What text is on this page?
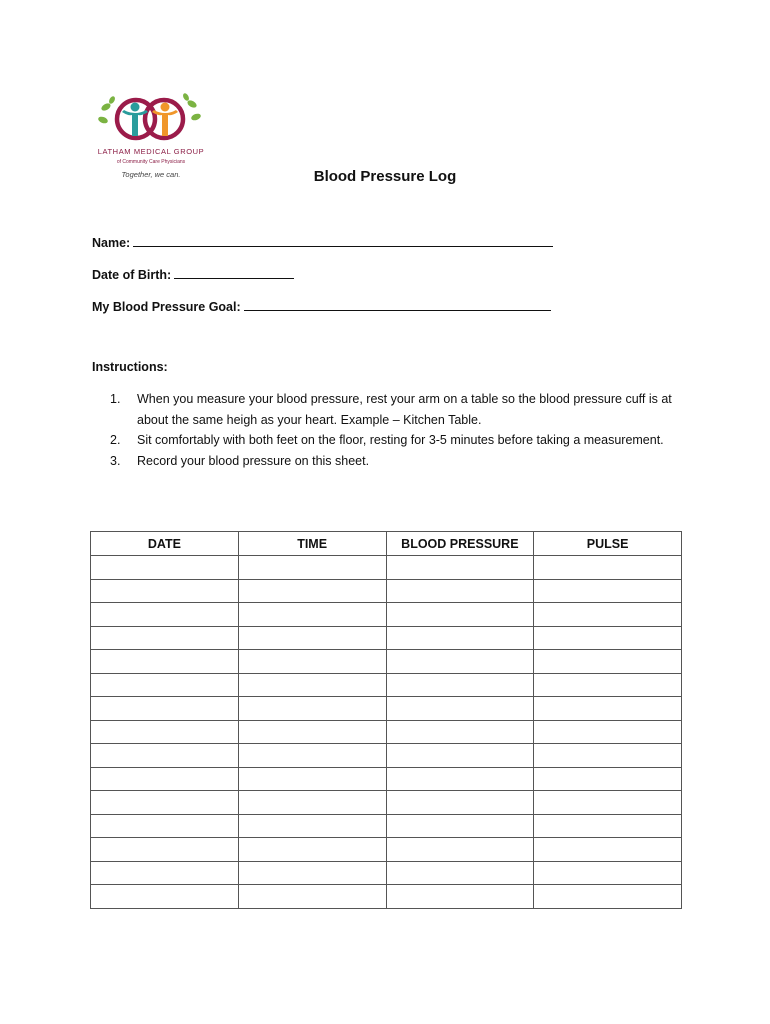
LATHAM MEDICAL GROUP
of Community Care Physicians
Together, we can.	Blood Pressure Log
Name:
Date of Birth:
My Blood Pressure Goal:
Instructions:
1. When you measure your blood pressure, rest your arm on a table so the blood pressure cuff is at about the same heigh as your heart. Example – Kitchen Table.
2. Sit comfortably with both feet on the floor, resting for 3-5 minutes before taking a measurement.
3. Record your blood pressure on this sheet.
DATE	TIME	BLOOD PRESSURE	PULSE
